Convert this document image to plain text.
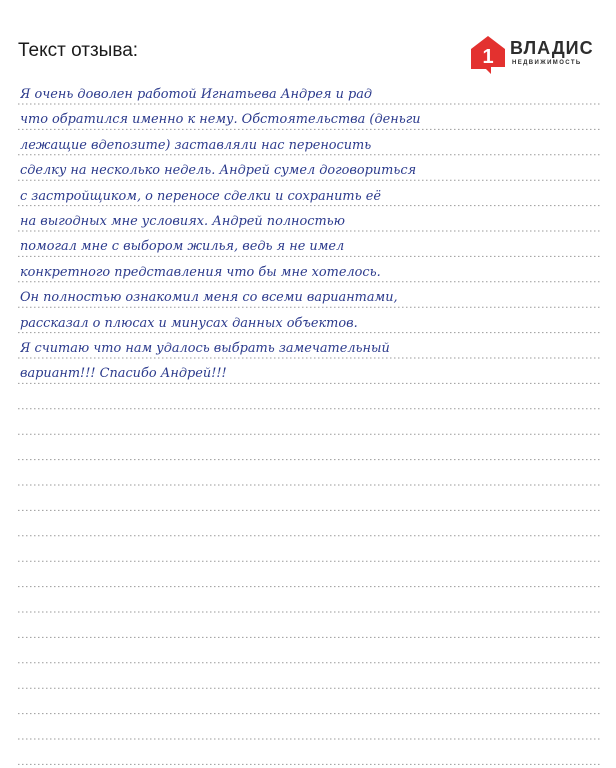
Текст отзыва:	1 ВЛАДИС
НЕДВИЖИМОСТЬ
Я очень доволен работой Игнатьева Андрея и рад
что обратился именно к нему. Обстоятельства (деньги
лежащие вдепозите) заставляли нас переносить
сделку на несколько недель. Андрей сумел договориться
с застройщиком, о переносе сделки и сохранить её
на выгодных мне условиях. Андрей полностью
помогал мне с выбором жилья, ведь я не имел
конкретного представления что бы мне хотелось.
Он полностью ознакомил меня со всеми вариантами,
рассказал о плюсах и минусах данных объектов.
Я считаю что нам удалось выбрать замечательный
вариант!!! Спасибо Андрей!!!
